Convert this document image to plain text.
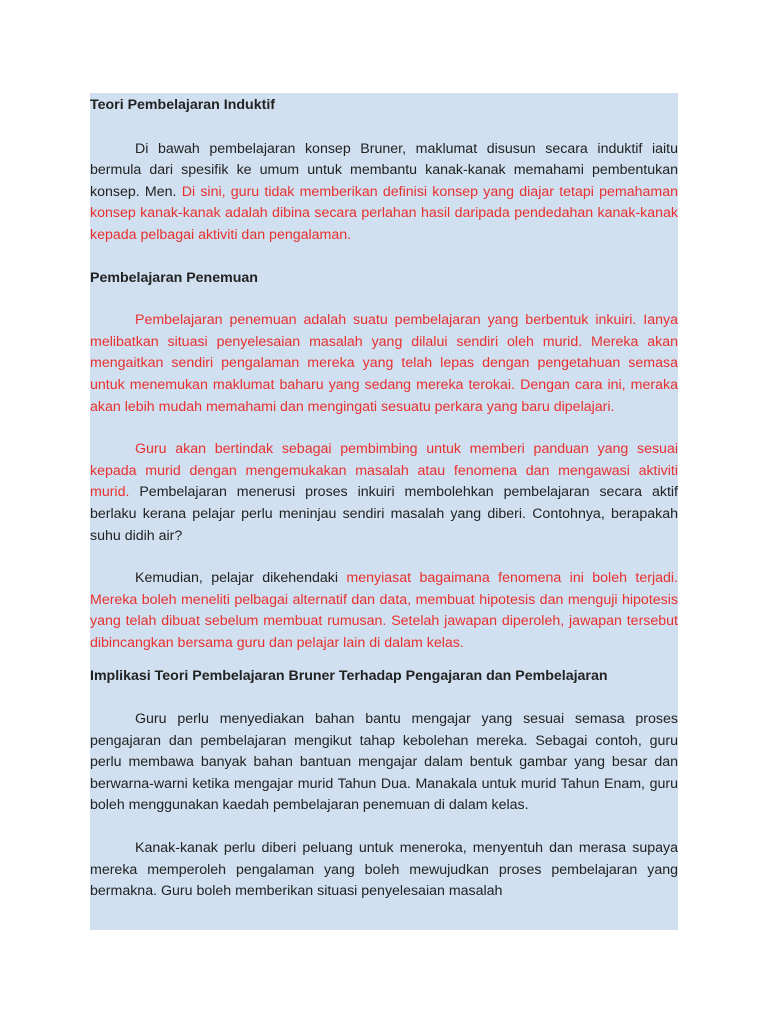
Teori Pembelajaran Induktif

Di bawah pembelajaran konsep Bruner, maklumat disusun secara induktif iaitu bermula dari spesifik ke umum untuk membantu kanak-kanak memahami pembentukan konsep. Men. Di sini, guru tidak memberikan definisi konsep yang diajar tetapi pemahaman konsep kanak-kanak adalah dibina secara perlahan hasil daripada pendedahan kanak-kanak kepada pelbagai aktiviti dan pengalaman.

Pembelajaran Penemuan

Pembelajaran penemuan adalah suatu pembelajaran yang berbentuk inkuiri. Ianya melibatkan situasi penyelesaian masalah yang dilalui sendiri oleh murid. Mereka akan mengaitkan sendiri pengalaman mereka yang telah lepas dengan pengetahuan semasa untuk menemukan maklumat baharu yang sedang mereka terokai. Dengan cara ini, meraka akan lebih mudah memahami dan mengingati sesuatu perkara yang baru dipelajari.

Guru akan bertindak sebagai pembimbing untuk memberi panduan yang sesuai kepada murid dengan mengemukakan masalah atau fenomena dan mengawasi aktiviti murid. Pembelajaran menerusi proses inkuiri membolehkan pembelajaran secara aktif berlaku kerana pelajar perlu meninjau sendiri masalah yang diberi. Contohnya, berapakah suhu didih air?

Kemudian, pelajar dikehendaki menyiasat bagaimana fenomena ini boleh terjadi. Mereka boleh meneliti pelbagai alternatif dan data, membuat hipotesis dan menguji hipotesis yang telah dibuat sebelum membuat rumusan. Setelah jawapan diperoleh, jawapan tersebut dibincangkan bersama guru dan pelajar lain di dalam kelas.

Implikasi Teori Pembelajaran Bruner Terhadap Pengajaran dan Pembelajaran

Guru perlu menyediakan bahan bantu mengajar yang sesuai semasa proses pengajaran dan pembelajaran mengikut tahap kebolehan mereka. Sebagai contoh, guru perlu membawa banyak bahan bantuan mengajar dalam bentuk gambar yang besar dan berwarna-warni ketika mengajar murid Tahun Dua. Manakala untuk murid Tahun Enam, guru boleh menggunakan kaedah pembelajaran penemuan di dalam kelas.

Kanak-kanak perlu diberi peluang untuk meneroka, menyentuh dan merasa supaya mereka memperoleh pengalaman yang boleh mewujudkan proses pembelajaran yang bermakna. Guru boleh memberikan situasi penyelesaian masalah
